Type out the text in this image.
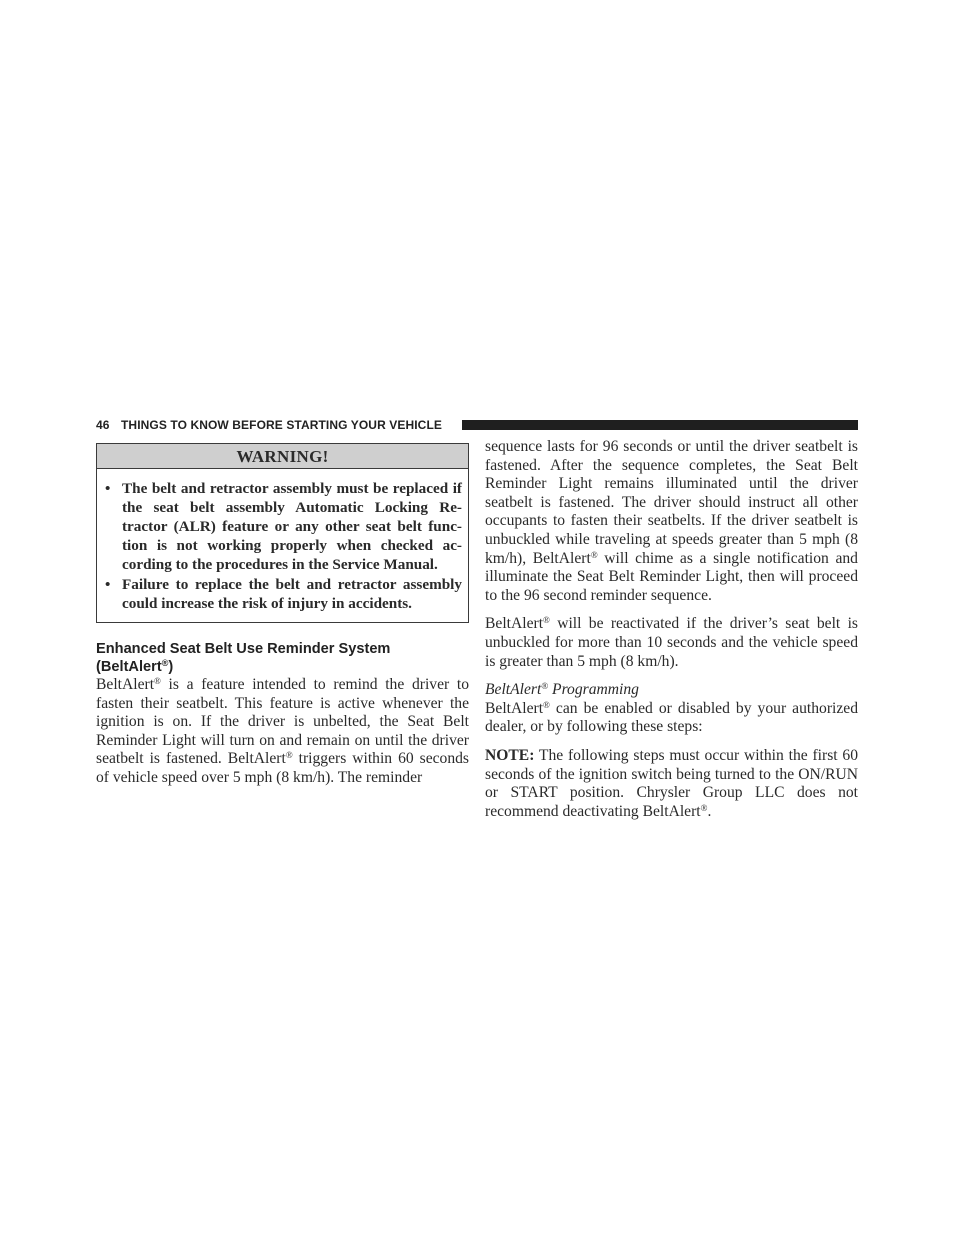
46 THINGS TO KNOW BEFORE STARTING YOUR VEHICLE
WARNING!
• The belt and retractor assembly must be replaced if the seat belt assembly Automatic Locking Re-tractor (ALR) feature or any other seat belt func-tion is not working properly when checked ac-cording to the procedures in the Service Manual.
• Failure to replace the belt and retractor assembly could increase the risk of injury in accidents.
Enhanced Seat Belt Use Reminder System
(BeltAlert®)

BeltAlert® is a feature intended to remind the driver to fasten their seatbelt. This feature is active whenever the ignition is on. If the driver is unbelted, the Seat Belt Reminder Light will turn on and remain on until the driver seatbelt is fastened. BeltAlert® triggers within 60 seconds of vehicle speed over 5 mph (8 km/h). The reminder

sequence lasts for 96 seconds or until the driver seatbelt is fastened. After the sequence completes, the Seat Belt Reminder Light remains illuminated until the driver seatbelt is fastened. The driver should instruct all other occupants to fasten their seatbelts. If the driver seatbelt is unbuckled while traveling at speeds greater than 5 mph (8 km/h), BeltAlert® will chime as a single notification and illuminate the Seat Belt Reminder Light, then will proceed to the 96 second reminder sequence.

BeltAlert® will be reactivated if the driver’s seat belt is unbuckled for more than 10 seconds and the vehicle speed is greater than 5 mph (8 km/h).

BeltAlert® Programming

BeltAlert® can be enabled or disabled by your authorized dealer, or by following these steps:

NOTE: The following steps must occur within the first 60 seconds of the ignition switch being turned to the ON/RUN or START position. Chrysler Group LLC does not recommend deactivating BeltAlert®.
